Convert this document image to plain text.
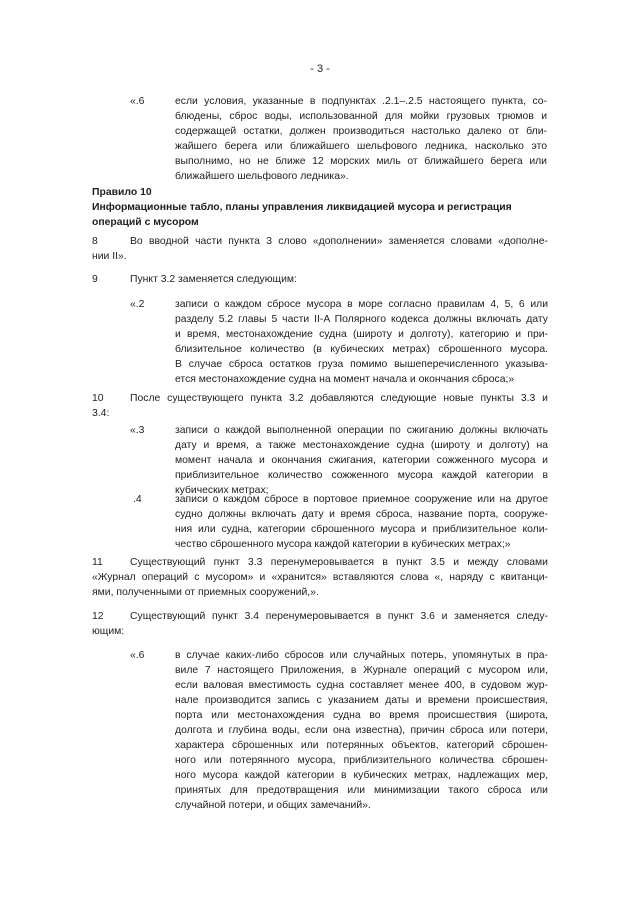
- 3 -
«.6	если условия, указанные в подпунктах .2.1–.2.5 настоящего пункта, со-
блюдены, сброс воды, использованной для мойки грузовых трюмов и
содержащей остатки, должен производиться настолько далеко от бли-
жайшего берега или ближайшего шельфового ледника, насколько это
выполнимо, но не ближе 12 морских миль от ближайшего берега или
ближайшего шельфового ледника».
Правило 10
Информационные табло, планы управления ликвидацией мусора и регистрация
операций с мусором
8	Во вводной части пункта 3 слово «дополнении» заменяется словами «дополне-
нии II».
9	Пункт 3.2 заменяется следующим:
«.2	записи о каждом сбросе мусора в море согласно правилам 4, 5, 6 или
разделу 5.2 главы 5 части II-A Полярного кодекса должны включать дату
и время, местонахождение судна (широту и долготу), категорию и при-
близительное количество (в кубических метрах) сброшенного мусора.
В случае сброса остатков груза помимо вышеперечисленного указыва-
ется местонахождение судна на момент начала и окончания сброса;»
10	После существующего пункта 3.2 добавляются следующие новые пункты 3.3 и
3.4:
«.3	записи о каждой выполненной операции по сжиганию должны включать
дату и время, а также местонахождение судна (широту и долготу) на
момент начала и окончания сжигания, категории сожженного мусора и
приблизительное количество сожженного мусора каждой категории в
кубических метрах;
.4	записи о каждом сбросе в портовое приемное сооружение или на другое
судно должны включать дату и время сброса, название порта, сооруже-
ния или судна, категории сброшенного мусора и приблизительное коли-
чество сброшенного мусора каждой категории в кубических метрах;»
11	Существующий пункт 3.3 перенумеровывается в пункт 3.5 и между словами
«Журнал операций с мусором» и «хранится» вставляются слова «, наряду с квитанци-
ями, полученными от приемных сооружений,».
12	Существующий пункт 3.4 перенумеровывается в пункт 3.6 и заменяется следу-
ющим:
«.6	в случае каких-либо сбросов или случайных потерь, упомянутых в пра-
виле 7 настоящего Приложения, в Журнале операций с мусором или,
если валовая вместимость судна составляет менее 400, в судовом жур-
нале производится запись с указанием даты и времени происшествия,
порта или местонахождения судна во время происшествия (широта,
долгота и глубина воды, если она известна), причин сброса или потери,
характера сброшенных или потерянных объектов, категорий сброшен-
ного или потерянного мусора, приблизительного количества сброшен-
ного мусора каждой категории в кубических метрах, надлежащих мер,
принятых для предотвращения или минимизации такого сброса или
случайной потери, и общих замечаний».
